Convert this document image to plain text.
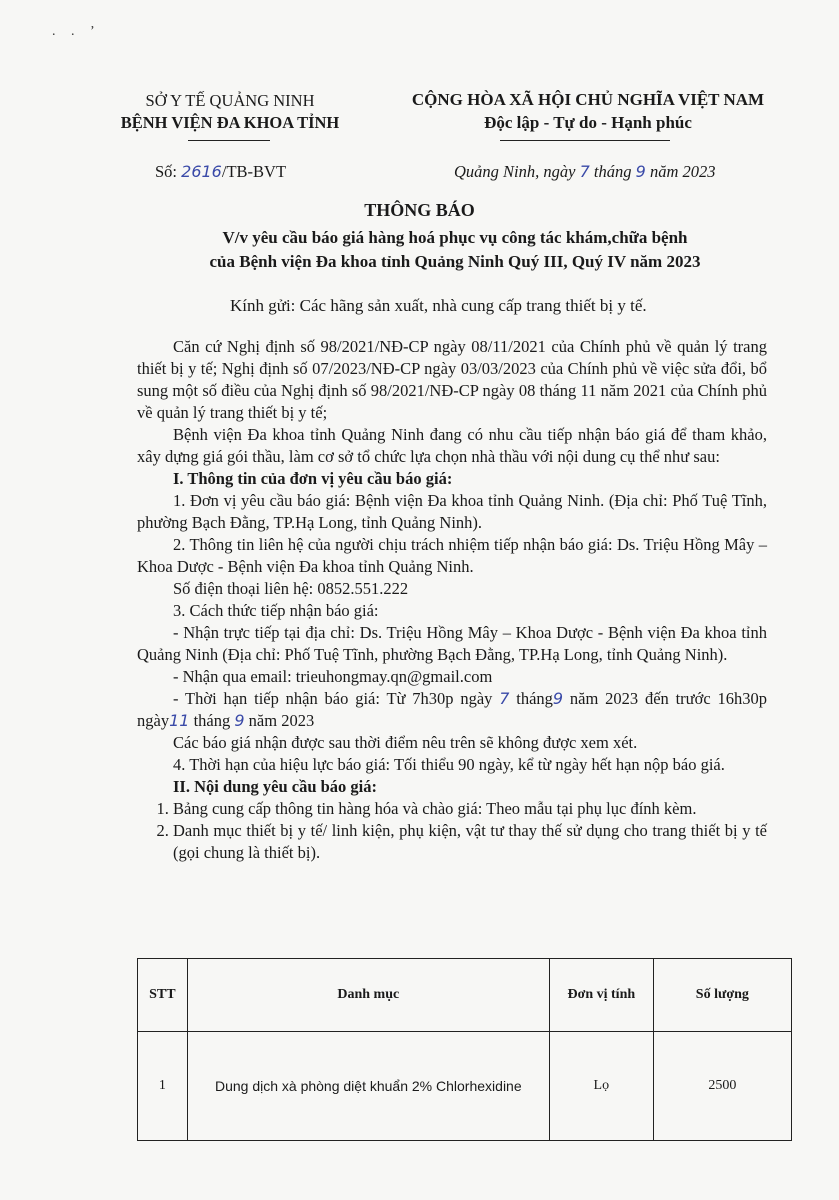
. . ʼ
SỞ Y TẾ QUẢNG NINH
BỆNH VIỆN ĐA KHOA TỈNH
CỘNG HÒA XÃ HỘI CHỦ NGHĨA VIỆT NAM
Độc lập - Tự do - Hạnh phúc
Số: 2616/TB-BVT	Quảng Ninh, ngày 7 tháng 9 năm 2023
THÔNG BÁO
V/v yêu cầu báo giá hàng hoá phục vụ công tác khám,chữa bệnh
của Bệnh viện Đa khoa tỉnh Quảng Ninh Quý III, Quý IV năm 2023
Kính gửi: Các hãng sản xuất, nhà cung cấp trang thiết bị y tế.

Căn cứ Nghị định số 98/2021/NĐ-CP ngày 08/11/2021 của Chính phủ về quản lý trang thiết bị y tế; Nghị định số 07/2023/NĐ-CP ngày 03/03/2023 của Chính phủ về việc sửa đổi, bổ sung một số điều của Nghị định số 98/2021/NĐ-CP ngày 08 tháng 11 năm 2021 của Chính phủ về quản lý trang thiết bị y tế;

Bệnh viện Đa khoa tỉnh Quảng Ninh đang có nhu cầu tiếp nhận báo giá để tham khảo, xây dựng giá gói thầu, làm cơ sở tổ chức lựa chọn nhà thầu với nội dung cụ thể như sau:

I. Thông tin của đơn vị yêu cầu báo giá:

1. Đơn vị yêu cầu báo giá: Bệnh viện Đa khoa tỉnh Quảng Ninh. (Địa chỉ: Phố Tuệ Tĩnh, phường Bạch Đằng, TP.Hạ Long, tỉnh Quảng Ninh).

2. Thông tin liên hệ của người chịu trách nhiệm tiếp nhận báo giá: Ds. Triệu Hồng Mây – Khoa Dược - Bệnh viện Đa khoa tỉnh Quảng Ninh.

Số điện thoại liên hệ: 0852.551.222

3. Cách thức tiếp nhận báo giá:

- Nhận trực tiếp tại địa chỉ: Ds. Triệu Hồng Mây – Khoa Dược - Bệnh viện Đa khoa tỉnh Quảng Ninh (Địa chỉ: Phố Tuệ Tĩnh, phường Bạch Đằng, TP.Hạ Long, tỉnh Quảng Ninh).

- Nhận qua email: trieuhongmay.qn@gmail.com

- Thời hạn tiếp nhận báo giá: Từ 7h30p ngày 7 tháng9 năm 2023 đến trước 16h30p ngày11 tháng 9 năm 2023

Các báo giá nhận được sau thời điểm nêu trên sẽ không được xem xét.

4. Thời hạn của hiệu lực báo giá: Tối thiểu 90 ngày, kể từ ngày hết hạn nộp báo giá.

II. Nội dung yêu cầu báo giá:

1. Bảng cung cấp thông tin hàng hóa và chào giá: Theo mẫu tại phụ lục đính kèm.
2. Danh mục thiết bị y tế/ linh kiện, phụ kiện, vật tư thay thế sử dụng cho trang thiết bị y tế (gọi chung là thiết bị).
STT	Danh mục	Đơn vị tính	Số lượng
1	Dung dịch xà phòng diệt khuẩn 2% Chlorhexidine	Lọ	2500
